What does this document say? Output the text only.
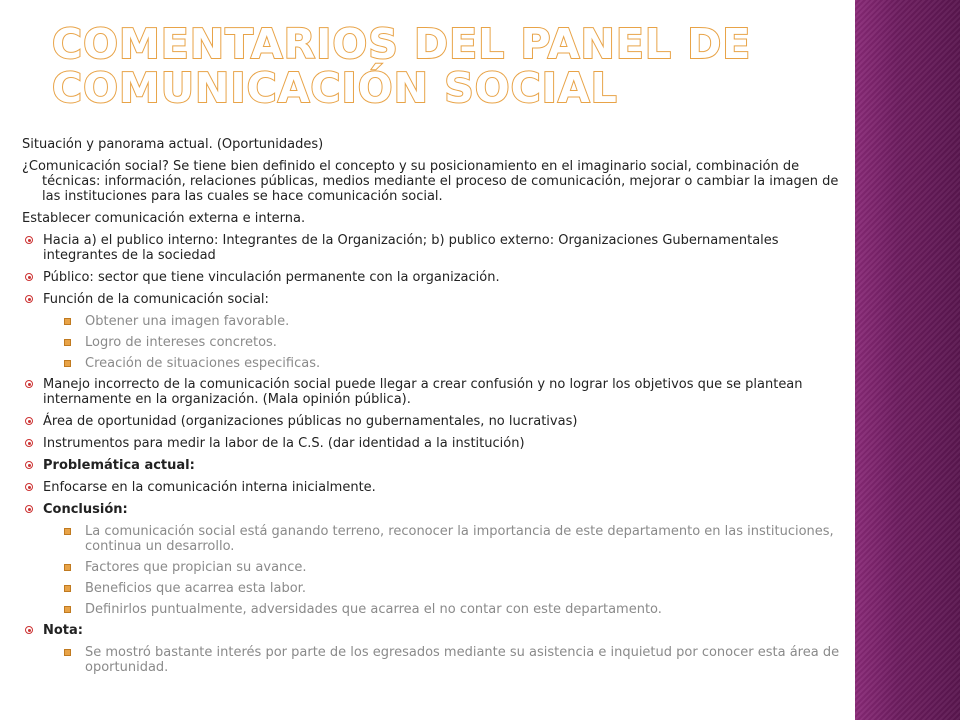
COMENTARIOS DEL PANEL DE COMUNICACIÓN SOCIAL

Situación y panorama actual. (Oportunidades)

¿Comunicación social? Se tiene bien definido el concepto y su posicionamiento en el imaginario social, combinación de técnicas: información, relaciones públicas, medios mediante el proceso de comunicación, mejorar o cambiar la imagen de las instituciones para las cuales se hace comunicación social.

Establecer comunicación externa e interna.

Hacia a) el publico interno: Integrantes de la Organización; b) publico externo: Organizaciones Gubernamentales integrantes de la sociedad
Público: sector que tiene vinculación permanente con la organización.
Función de la comunicación social:
Obtener una imagen favorable.
Logro de intereses concretos.
Creación de situaciones especificas.
Manejo incorrecto de la comunicación social puede llegar a crear confusión y no lograr los objetivos que se plantean internamente en la organización. (Mala opinión pública).
Área de oportunidad (organizaciones públicas no gubernamentales, no lucrativas)
Instrumentos para medir la labor de la C.S. (dar identidad a la institución)
Problemática actual:
Enfocarse en la comunicación interna inicialmente.
Conclusión:
La comunicación social está ganando terreno, reconocer la importancia de este departamento en las instituciones, continua un desarrollo.
Factores que propician su avance.
Beneficios que acarrea esta labor.
Definirlos puntualmente, adversidades que acarrea el no contar con este departamento.
Nota:
Se mostró bastante interés por parte de los egresados mediante su asistencia e inquietud por conocer esta área de oportunidad.
